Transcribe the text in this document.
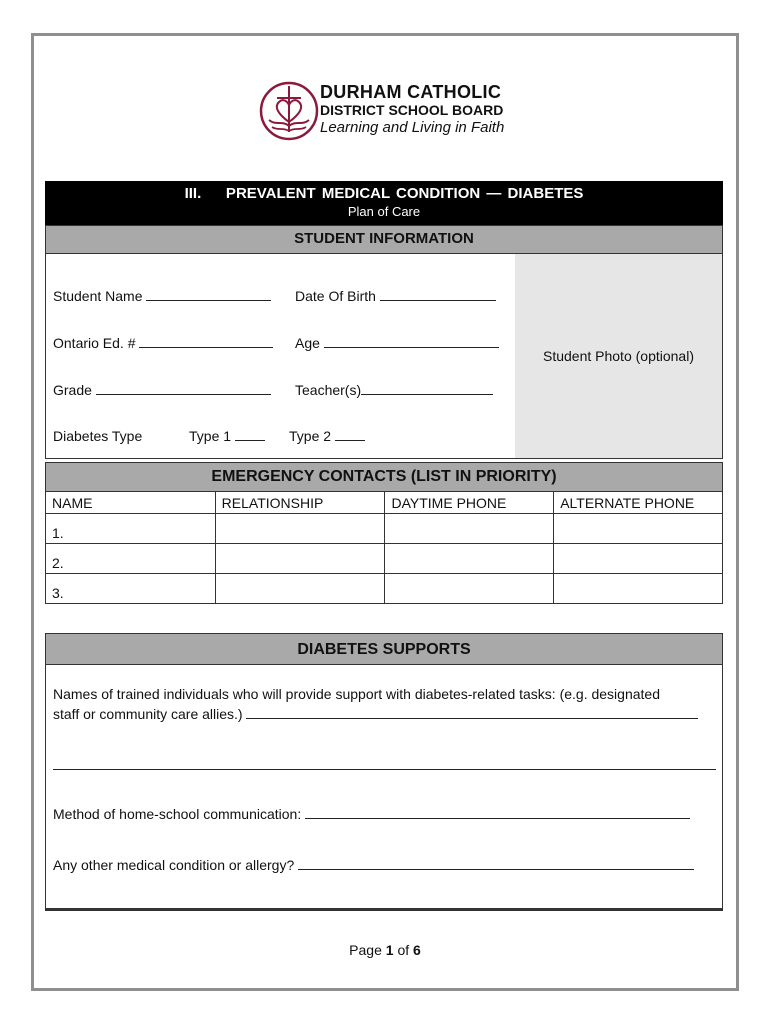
DURHAM CATHOLIC
DISTRICT SCHOOL BOARD
Learning and Living in Faith
III.    PREVALENT MEDICAL CONDITION — DIABETES
Plan of Care
STUDENT INFORMATION
Student Photo (optional)
Student Name	Date Of Birth
Ontario Ed. #	Age
Grade	Teacher(s)
Diabetes Type	Type 1	Type 2
EMERGENCY CONTACTS (LIST IN PRIORITY)
NAME	RELATIONSHIP	DAYTIME PHONE	ALTERNATE PHONE
1.			
2.			
3.			
DIABETES SUPPORTS
Names of trained individuals who will provide support with diabetes-related tasks: (e.g. designated
staff or community care allies.)
Method of home-school communication:
Any other medical condition or allergy?
Page 1 of 6
